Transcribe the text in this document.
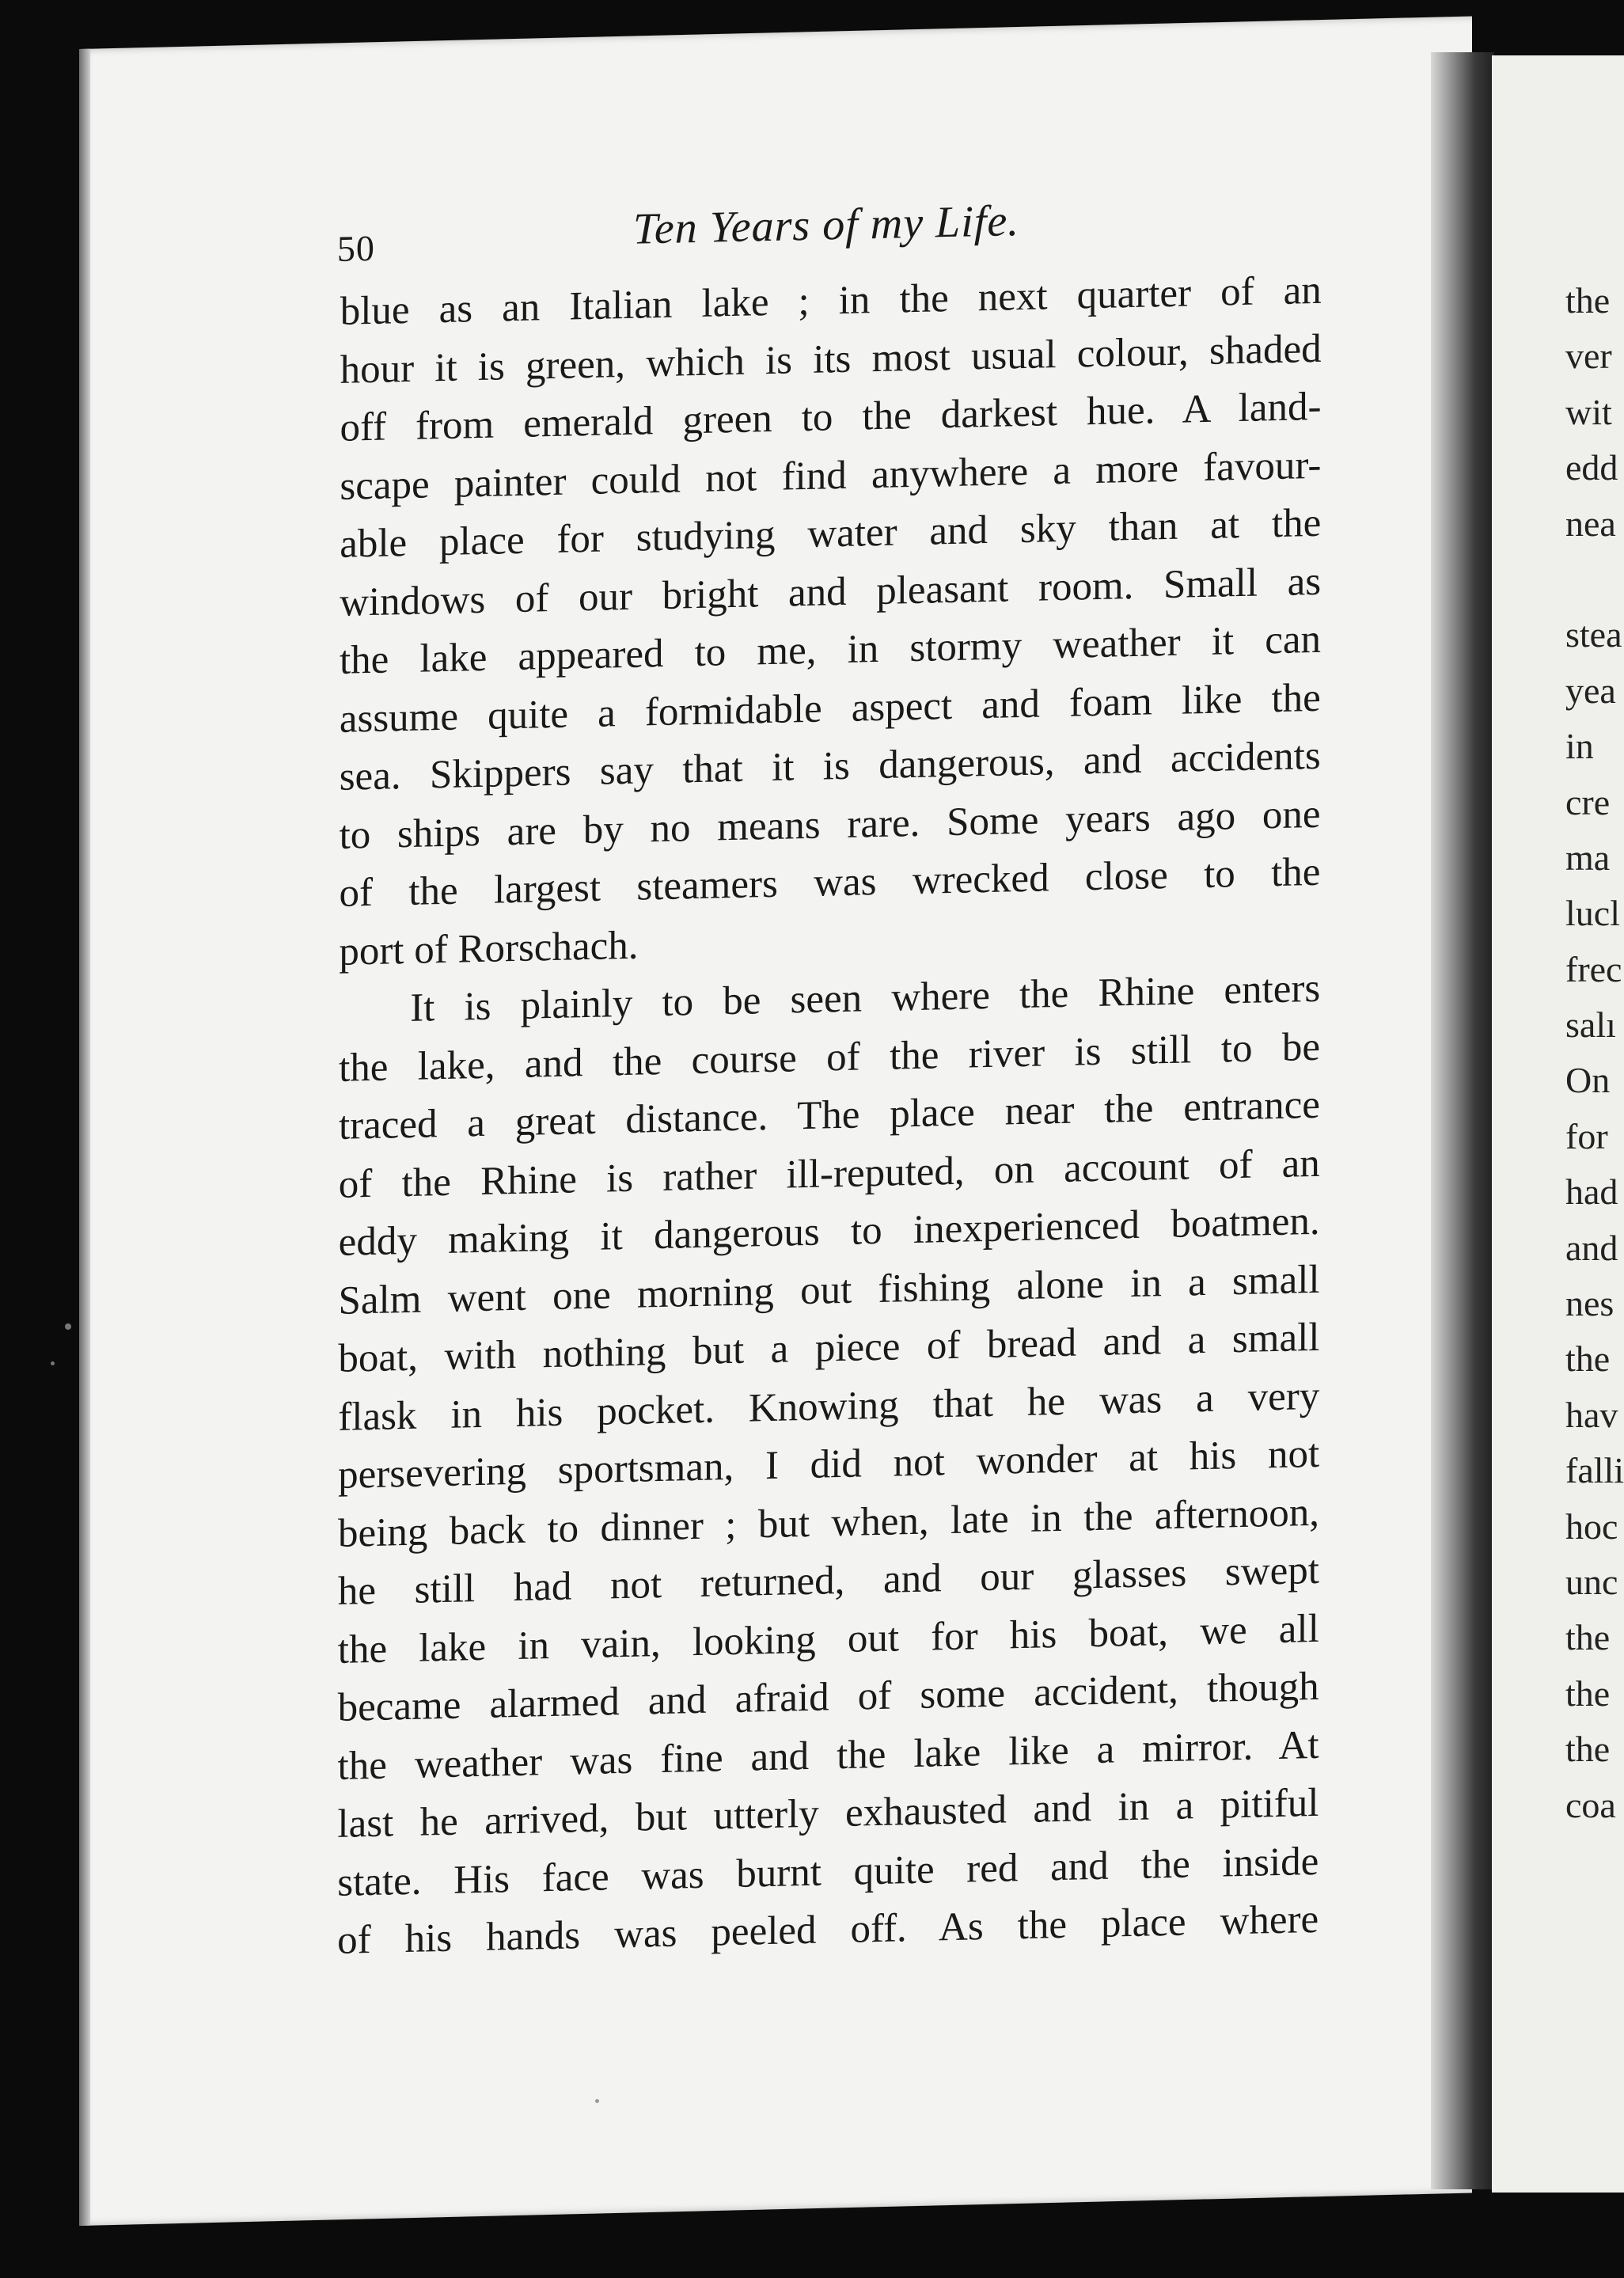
50	Ten Years of my Life.
blue as an Italian lake ; in the next quarter of an
hour it is green, which is its most usual colour, shaded
off from emerald green to the darkest hue. A land-
scape painter could not find anywhere a more favour-
able place for studying water and sky than at the
windows of our bright and pleasant room. Small as
the lake appeared to me, in stormy weather it can
assume quite a formidable aspect and foam like the
sea. Skippers say that it is dangerous, and accidents
to ships are by no means rare. Some years ago one
of the largest steamers was wrecked close to the
port of Rorschach.
It is plainly to be seen where the Rhine enters
the lake, and the course of the river is still to be
traced a great distance. The place near the entrance
of the Rhine is rather ill-reputed, on account of an
eddy making it dangerous to inexperienced boatmen.
Salm went one morning out fishing alone in a small
boat, with nothing but a piece of bread and a small
flask in his pocket. Knowing that he was a very
persevering sportsman, I did not wonder at his not
being back to dinner ; but when, late in the afternoon,
he still had not returned, and our glasses swept
the lake in vain, looking out for his boat, we all
became alarmed and afraid of some accident, though
the weather was fine and the lake like a mirror. At
last he arrived, but utterly exhausted and in a pitiful
state. His face was burnt quite red and the inside
of his hands was peeled off. As the place where
the
ver
wit
edd
nea
stea
yea
in
cre
ma
lucl
frec
salı
On
for
had
and
nes
the
hav
falli
hoc
unc
the
the
the
coa
